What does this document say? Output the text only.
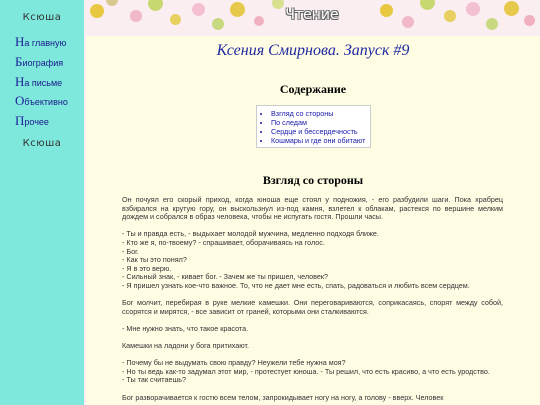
Ксюша
На главную
Биография
На письме
Объективно
Прочее
Ксюша
Чтение
Ксения Смирнова. Запуск #9
Содержание
• Взгляд со стороны
• По следам
• Сердце и бессердечность
• Кошмары и где они обитают
Взгляд со стороны

Он почуял его скорый приход, когда юноша еще стоял у подножия, - его разбудили шаги. Пока храбрец взбирался на крутую гору, он выскользнул из-под камня, взлетел к облакам, растекся по вершине мелким дождем и собрался в образ человека, чтобы не испугать гостя. Прошли часы.

- Ты и правда есть, - выдыхает молодой мужчина, медленно подходя ближе.
- Кто же я, по-твоему? - спрашивает, оборачиваясь на голос.
- Бог.
- Как ты это понял?
- Я в это верю.
- Сильный знак, - кивает бог. - Зачем же ты пришел, человек?
- Я пришел узнать кое-что важное. То, что не дает мне есть, спать, радоваться и любить всем сердцем.

Бог молчит, перебирая в руке мелкие камешки. Они переговариваются, соприкасаясь, спорят между собой, ссорятся и мирятся, - все зависит от граней, которыми они сталкиваются.

- Мне нужно знать, что такое красота.

Камешки на ладони у бога притихают.

- Почему бы не выдумать свою правду? Неужели тебе нужна моя?
- Но ты ведь как-то задумал этот мир, - протестует юноша. - Ты решил, что есть красиво, а что есть уродство.
- Ты так считаешь?

Бог разворачивается к гостю всем телом, запрокидывает ногу на ногу, а голову - вверх. Человек
